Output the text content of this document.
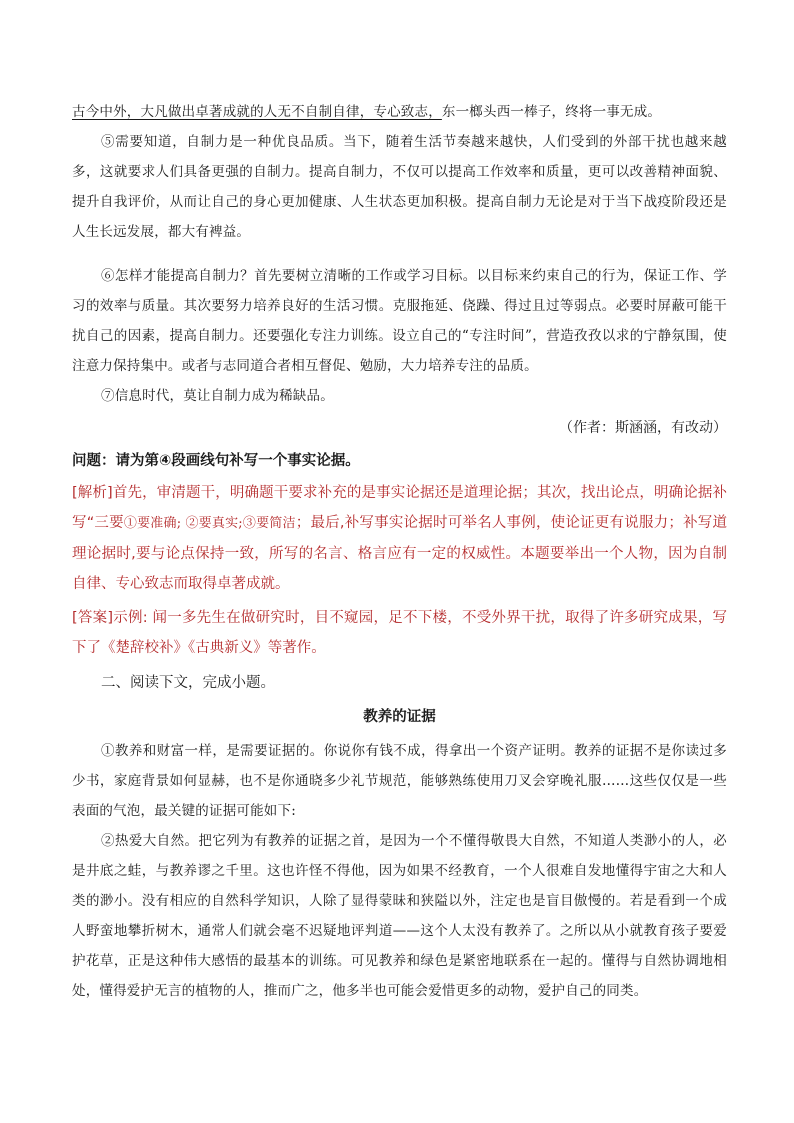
古今中外，大凡做出卓著成就的人无不自制自律，专心致志，东一榔头西一棒子，终将一事无成。

⑤需要知道，自制力是一种优良品质。当下，随着生活节奏越来越快，人们受到的外部干扰也越来越多，这就要求人们具备更强的自制力。提高自制力，不仅可以提高工作效率和质量，更可以改善精神面貌、提升自我评价，从而让自己的身心更加健康、人生状态更加积极。提高自制力无论是对于当下战疫阶段还是人生长远发展，都大有裨益。

⑥怎样才能提高自制力？首先要树立清晰的工作或学习目标。以目标来约束自己的行为，保证工作、学习的效率与质量。其次要努力培养良好的生活习惯。克服拖延、侥躁、得过且过等弱点。必要时屏蔽可能干扰自己的因素，提高自制力。还要强化专注力训练。设立自己的“专注时间”，营造孜孜以求的宁静氛围，使注意力保持集中。或者与志同道合者相互督促、勉励，大力培养专注的品质。

⑦信息时代，莫让自制力成为稀缺品。

（作者：斯涵涵，有改动）

问题：请为第④段画线句补写一个事实论据。

[解析]首先，审清题干，明确题干要求补充的是事实论据还是道理论据；其次，找出论点，明确论据补写“三要①要准确; ②要真实;③要简洁；最后,补写事实论据时可举名人事例，使论证更有说服力；补写道理论据时,要与论点保持一致，所写的名言、格言应有一定的权威性。本题要举出一个人物，因为自制自律、专心致志而取得卓著成就。

[答案]示例: 闻一多先生在做研究时，目不窥园，足不下楼，不受外界干扰，取得了许多研究成果，写下了《楚辞校补》《古典新义》等著作。

二、阅读下文，完成小题。

教养的证据

①教养和财富一样，是需要证据的。你说你有钱不成，得拿出一个资产证明。教养的证据不是你读过多少书，家庭背景如何显赫，也不是你通晓多少礼节规范，能够熟练使用刀叉会穿晚礼服……这些仅仅是一些表面的气泡，最关键的证据可能如下:

②热爱大自然。把它列为有教养的证据之首，是因为一个不懂得敬畏大自然，不知道人类渺小的人，必是井底之蛙，与教养谬之千里。这也许怪不得他，因为如果不经教育，一个人很难自发地懂得宇宙之大和人类的渺小。没有相应的自然科学知识，人除了显得蒙昧和狭隘以外，注定也是盲目傲慢的。若是看到一个成人野蛮地攀折树木，通常人们就会毫不迟疑地评判道——这个人太没有教养了。之所以从小就教育孩子要爱护花草，正是这种伟大感悟的最基本的训练。可见教养和绿色是紧密地联系在一起的。懂得与自然协调地相处，懂得爱护无言的植物的人，推而广之，他多半也可能会爱惜更多的动物，爱护自己的同类。
